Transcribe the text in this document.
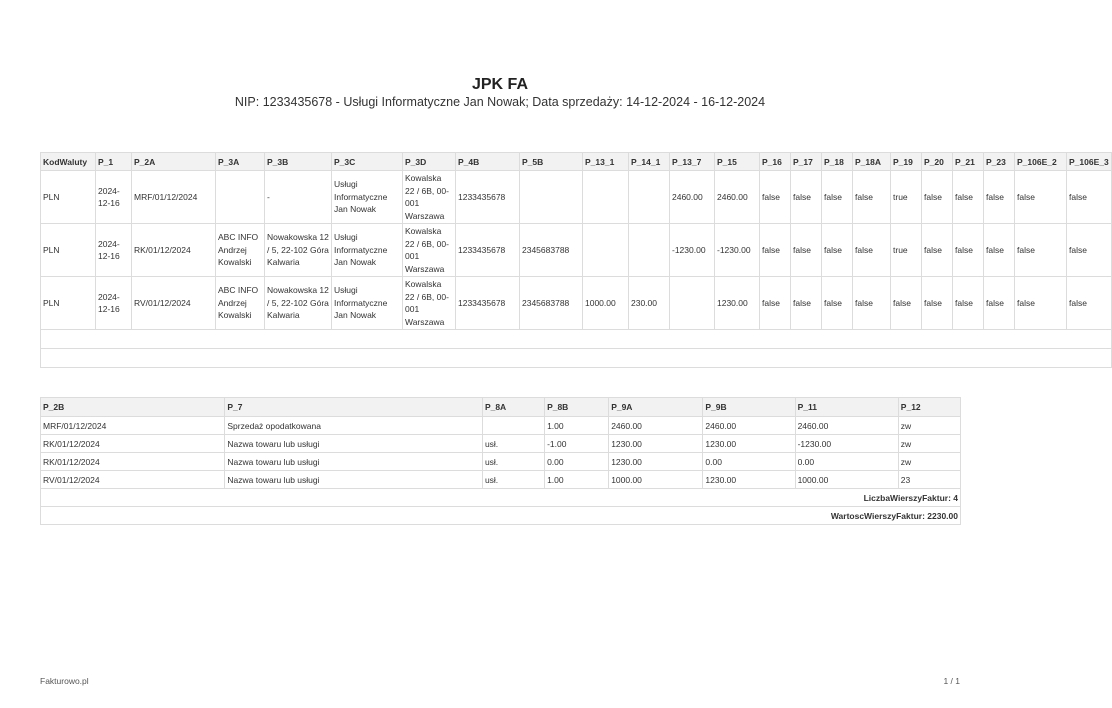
JPK FA
NIP: 1233435678 - Usługi Informatyczne Jan Nowak; Data sprzedaży: 14-12-2024 - 16-12-2024
KodWaluty	P_1	P_2A	P_3A	P_3B	P_3C	P_3D	P_4B	P_5B	P_13_1	P_14_1	P_13_7	P_15	P_16	P_17	P_18	P_18A	P_19	P_20	P_21	P_23	P_106E_2	P_106E_3
PLN	2024-12-16	MRF/01/12/2024		-	Usługi Informatyczne Jan Nowak	Kowalska 22 / 6B, 00-001 Warszawa	1233435678				2460.00	2460.00	false	false	false	false	true	false	false	false	false	false
PLN	2024-12-16	RK/01/12/2024	ABC INFO Andrzej Kowalski	Nowakowska 12 / 5, 22-102 Góra Kalwaria	Usługi Informatyczne Jan Nowak	Kowalska 22 / 6B, 00-001 Warszawa	1233435678	2345683788			-1230.00	-1230.00	false	false	false	false	true	false	false	false	false	false
PLN	2024-12-16	RV/01/12/2024	ABC INFO Andrzej Kowalski	Nowakowska 12 / 5, 22-102 Góra Kalwaria	Usługi Informatyczne Jan Nowak	Kowalska 22 / 6B, 00-001 Warszawa	1233435678	2345683788	1000.00	230.00		1230.00	false	false	false	false	false	false	false	false	false	false

P_2B	P_7	P_8A	P_8B	P_9A	P_9B	P_11	P_12
MRF/01/12/2024	Sprzedaż opodatkowana		1.00	2460.00	2460.00	2460.00	zw
RK/01/12/2024	Nazwa towaru lub usługi	usł.	-1.00	1230.00	1230.00	-1230.00	zw
RK/01/12/2024	Nazwa towaru lub usługi	usł.	0.00	1230.00	0.00	0.00	zw
RV/01/12/2024	Nazwa towaru lub usługi	usł.	1.00	1000.00	1230.00	1000.00	23
LiczbaWierszyFaktur: 4							
WartoscWierszyFaktur: 2230.00							
Fakturowo.pl	1 / 1
